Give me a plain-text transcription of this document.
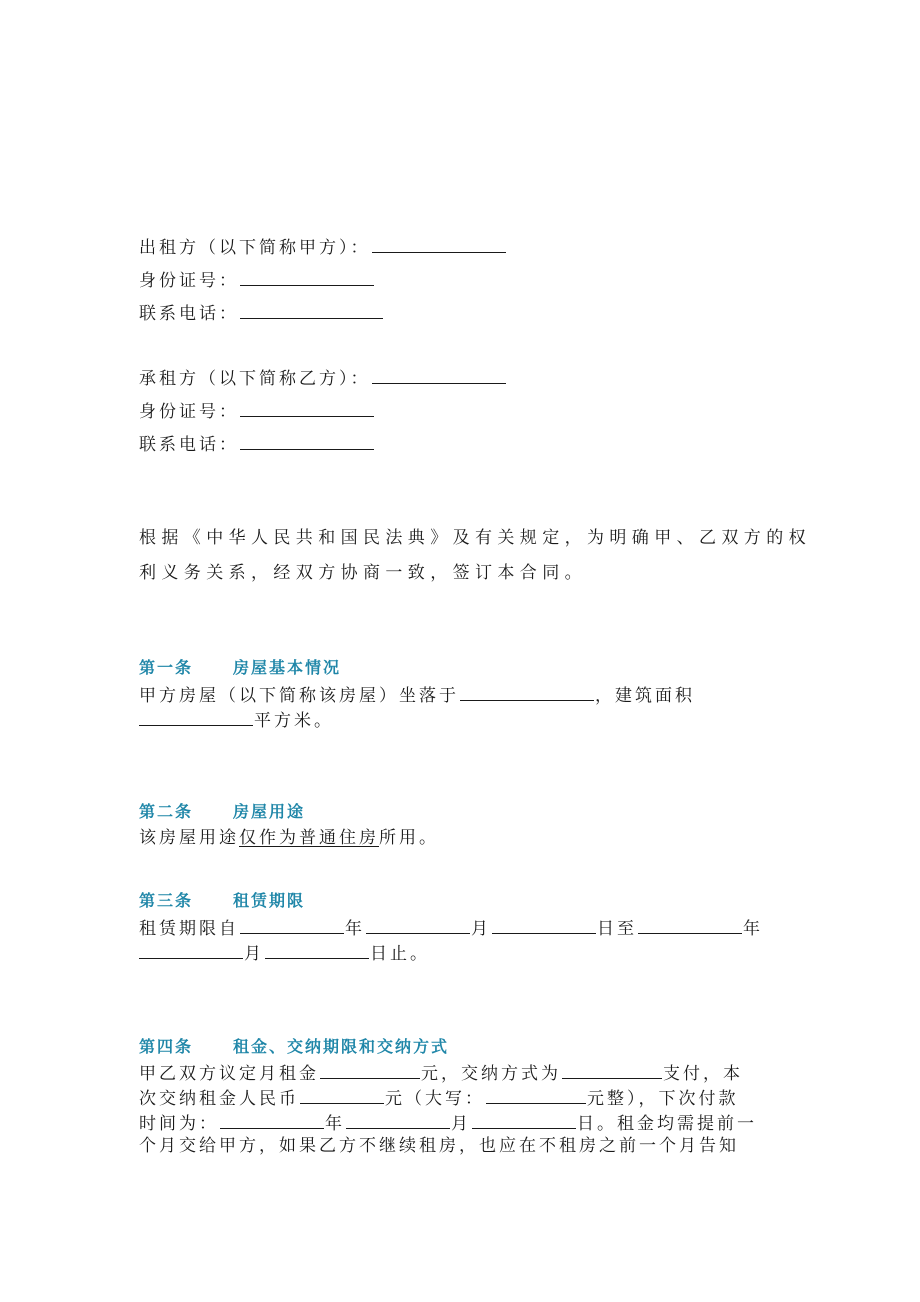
出租方（以下简称甲方）：
身份证号：
联系电话：
承租方（以下简称乙方）：
身份证号：
联系电话：
根据《中华人民共和国民法典》及有关规定，为明确甲、乙双方的权
利义务关系，经双方协商一致，签订本合同。
第一条 房屋基本情况
甲方房屋（以下简称该房屋）坐落于	，建筑面积
平方米。
第二条 房屋用途
该房屋用途仅作为普通住房所用。
第三条 租赁期限
租赁期限自	年	月	日至	年
月	日止。
第四条 租金、交纳期限和交纳方式
甲乙双方议定月租金	元，交纳方式为	支付，本
次交纳租金人民币	元（大写：	元整），下次付款
时间为：	年	月	日。租金均需提前一
个月交给甲方，如果乙方不继续租房，也应在不租房之前一个月告知
